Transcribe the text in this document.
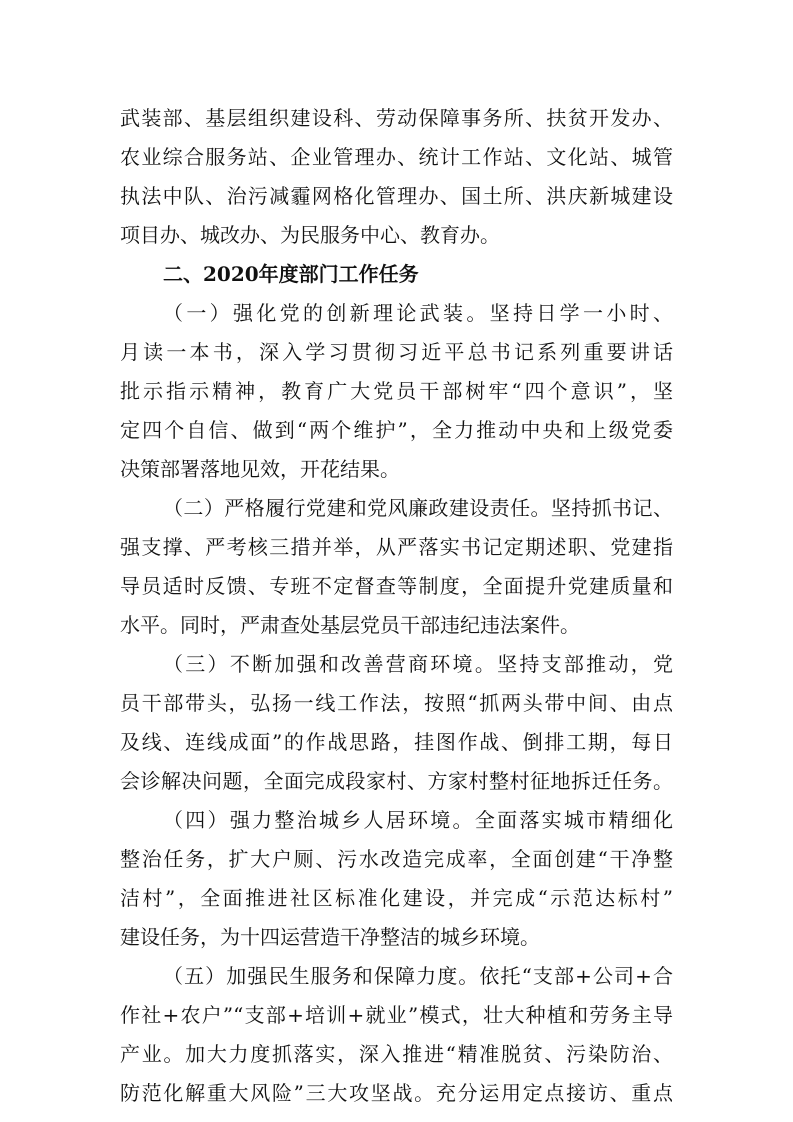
武装部、基层组织建设科、劳动保障事务所、扶贫开发办、
农业综合服务站、企业管理办、统计工作站、文化站、城管
执法中队、治污减霾网格化管理办、国土所、洪庆新城建设
项目办、城改办、为民服务中心、教育办。
二、2020年度部门工作任务
（一）强化党的创新理论武装。坚持日学一小时、
月读一本书，深入学习贯彻习近平总书记系列重要讲话
批示指示精神，教育广大党员干部树牢“四个意识”，坚
定四个自信、做到“两个维护”，全力推动中央和上级党委
决策部署落地见效，开花结果。
（二）严格履行党建和党风廉政建设责任。坚持抓书记、
强支撑、严考核三措并举，从严落实书记定期述职、党建指
导员适时反馈、专班不定督查等制度，全面提升党建质量和
水平。同时，严肃查处基层党员干部违纪违法案件。
（三）不断加强和改善营商环境。坚持支部推动，党
员干部带头，弘扬一线工作法，按照“抓两头带中间、由点
及线、连线成面”的作战思路，挂图作战、倒排工期，每日
会诊解决问题，全面完成段家村、方家村整村征地拆迁任务。
（四）强力整治城乡人居环境。全面落实城市精细化
整治任务，扩大户厕、污水改造完成率，全面创建“干净整
洁村”，全面推进社区标准化建设，并完成“示范达标村”
建设任务，为十四运营造干净整洁的城乡环境。
（五）加强民生服务和保障力度。依托“支部+公司+合
作社+农户”“支部+培训+就业”模式，壮大种植和劳务主导
产业。加大力度抓落实，深入推进“精准脱贫、污染防治、
防范化解重大风险”三大攻坚战。充分运用定点接访、重点
